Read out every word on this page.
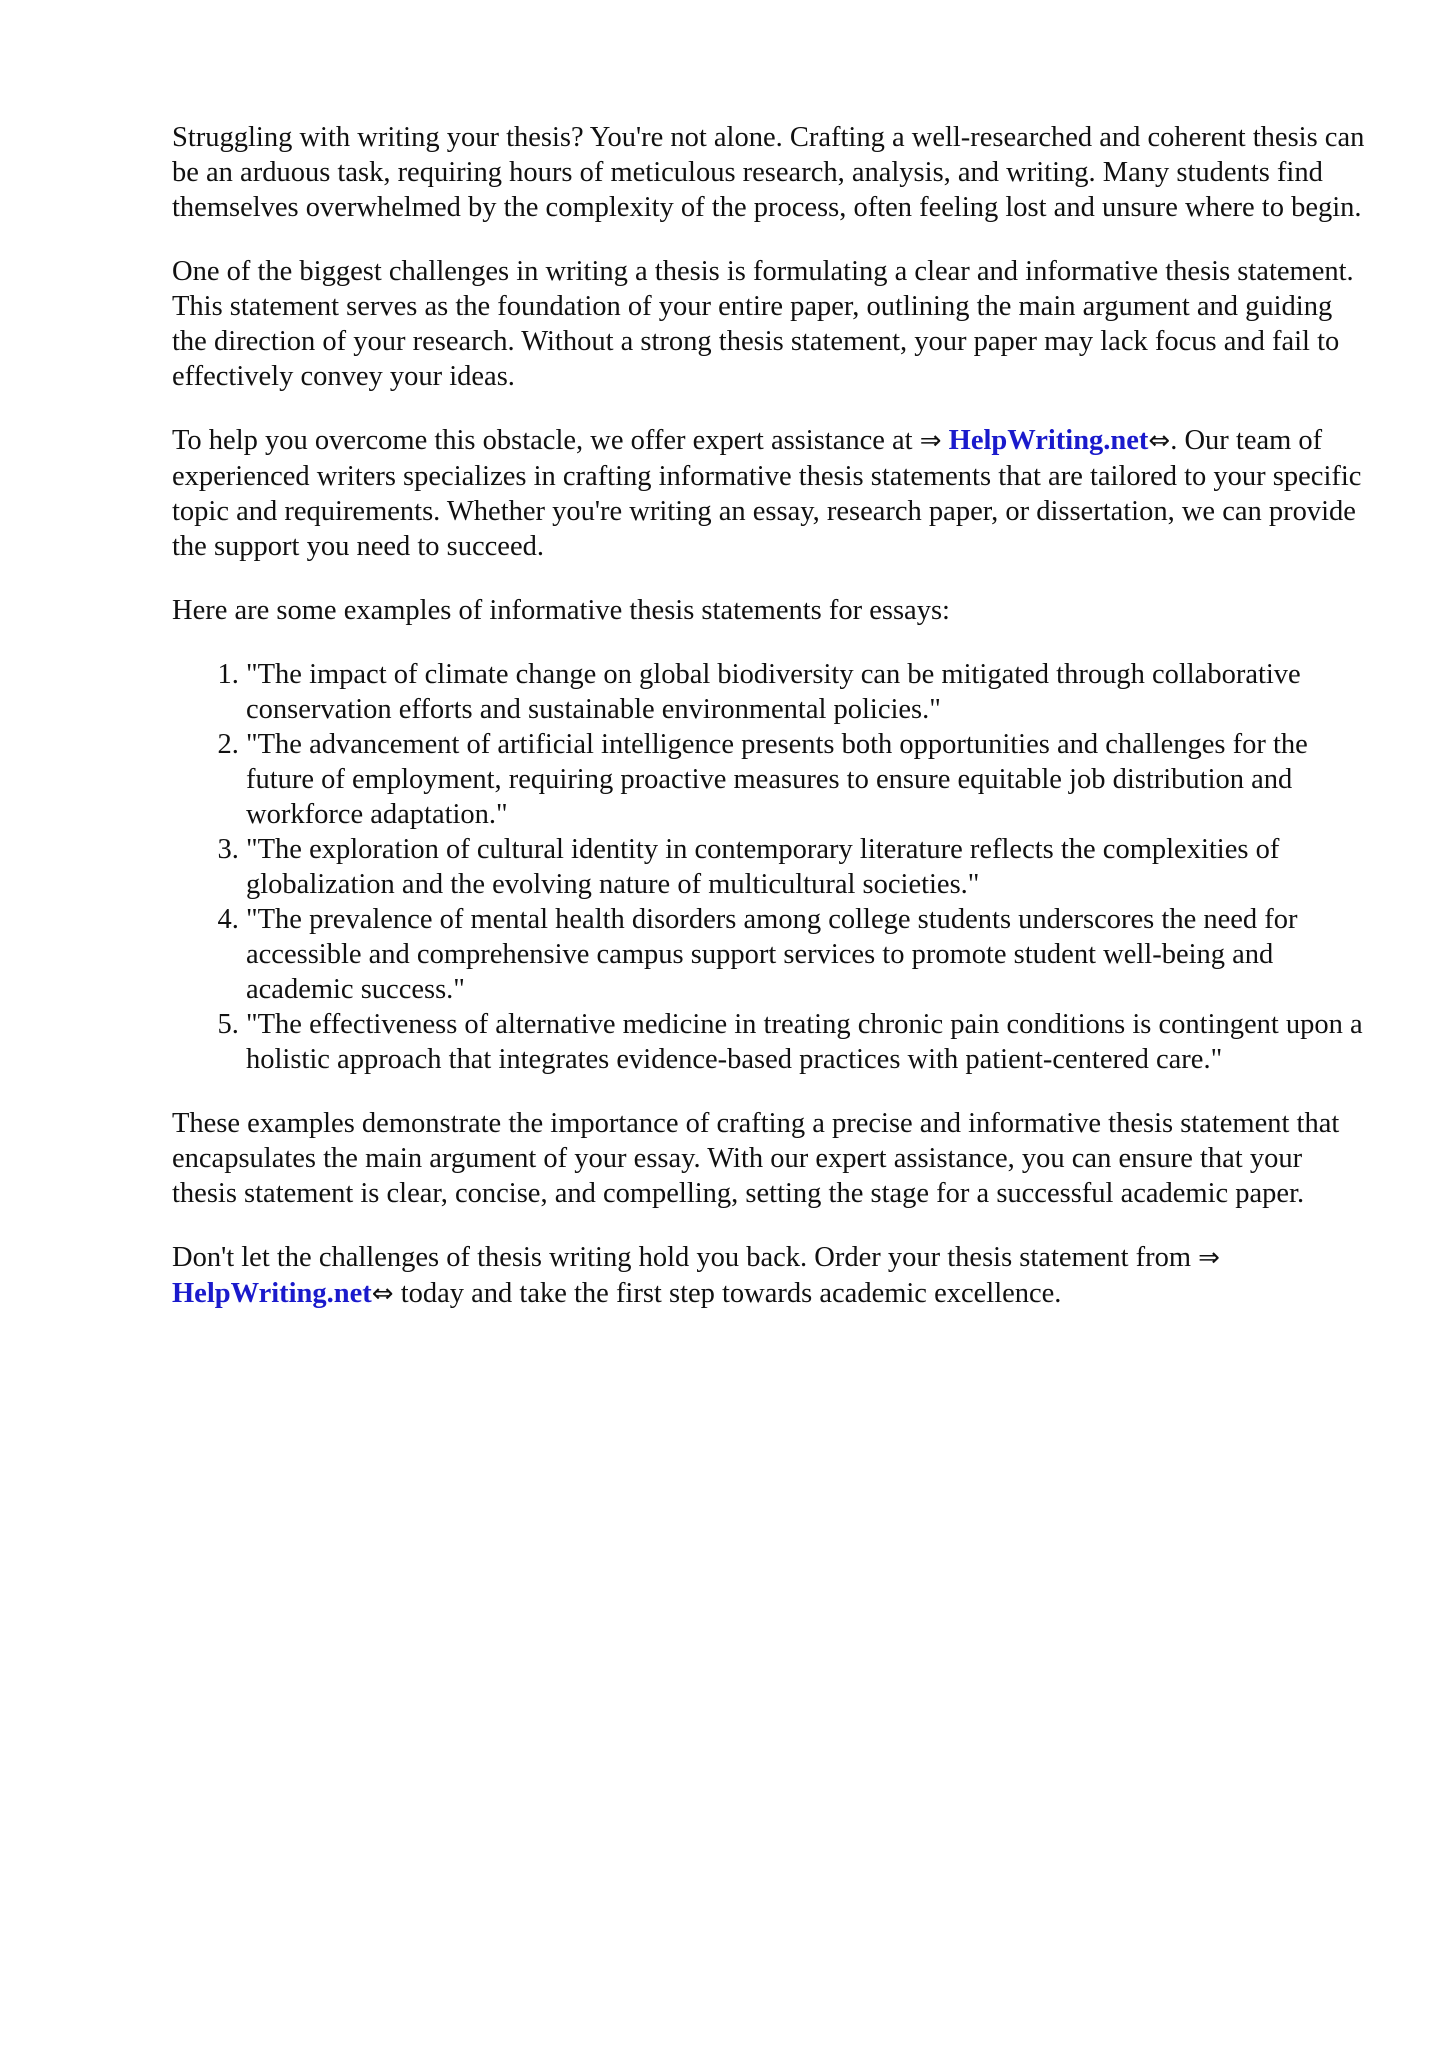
Struggling with writing your thesis? You're not alone. Crafting a well-researched and coherent thesis can be an arduous task, requiring hours of meticulous research, analysis, and writing. Many students find themselves overwhelmed by the complexity of the process, often feeling lost and unsure where to begin.

One of the biggest challenges in writing a thesis is formulating a clear and informative thesis statement. This statement serves as the foundation of your entire paper, outlining the main argument and guiding the direction of your research. Without a strong thesis statement, your paper may lack focus and fail to effectively convey your ideas.

To help you overcome this obstacle, we offer expert assistance at ⇒ HelpWriting.net⇔. Our team of experienced writers specializes in crafting informative thesis statements that are tailored to your specific topic and requirements. Whether you're writing an essay, research paper, or dissertation, we can provide the support you need to succeed.

Here are some examples of informative thesis statements for essays:

1. "The impact of climate change on global biodiversity can be mitigated through collaborative conservation efforts and sustainable environmental policies."
2. "The advancement of artificial intelligence presents both opportunities and challenges for the future of employment, requiring proactive measures to ensure equitable job distribution and workforce adaptation."
3. "The exploration of cultural identity in contemporary literature reflects the complexities of globalization and the evolving nature of multicultural societies."
4. "The prevalence of mental health disorders among college students underscores the need for accessible and comprehensive campus support services to promote student well-being and academic success."
5. "The effectiveness of alternative medicine in treating chronic pain conditions is contingent upon a holistic approach that integrates evidence-based practices with patient-centered care."

These examples demonstrate the importance of crafting a precise and informative thesis statement that encapsulates the main argument of your essay. With our expert assistance, you can ensure that your thesis statement is clear, concise, and compelling, setting the stage for a successful academic paper.

Don't let the challenges of thesis writing hold you back. Order your thesis statement from ⇒
HelpWriting.net⇔ today and take the first step towards academic excellence.
